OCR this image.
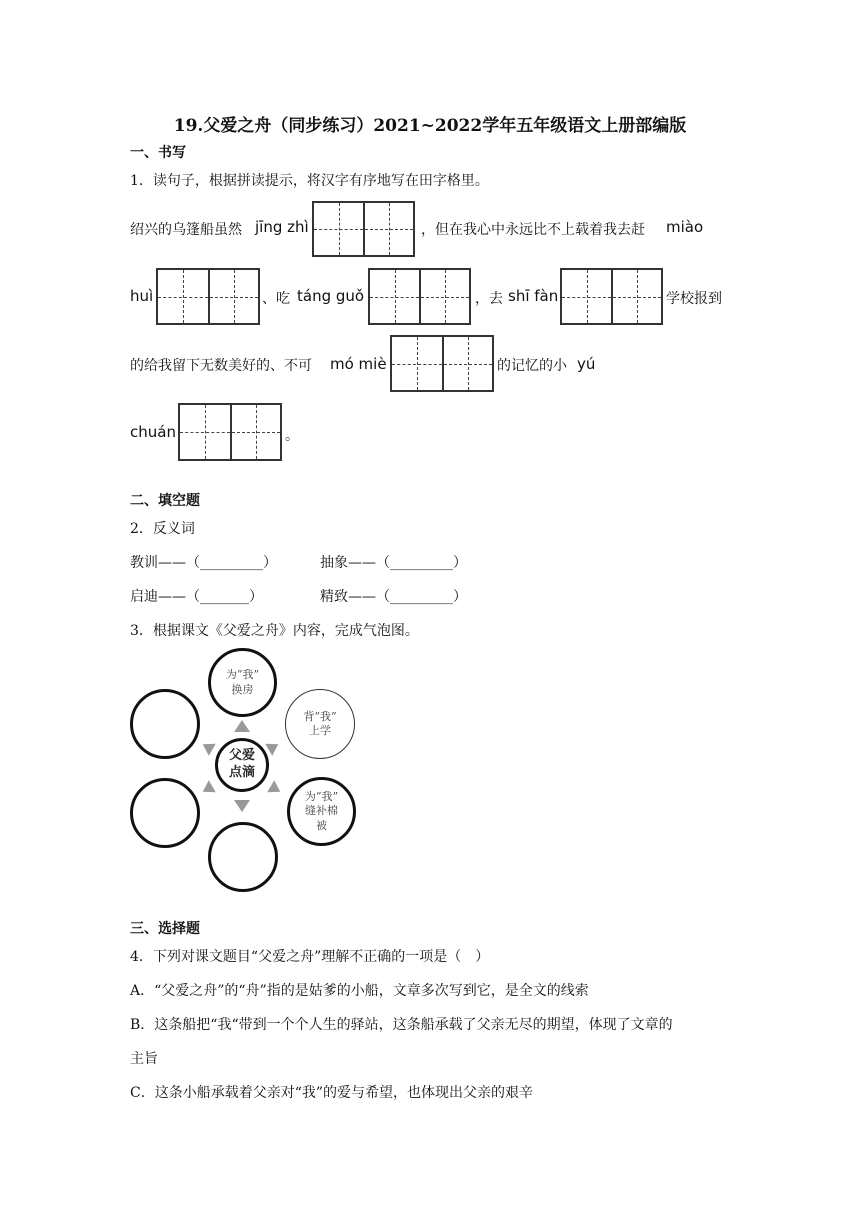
19.父爱之舟（同步练习）2021~2022学年五年级语文上册部编版
一、书写
1．读句子，根据拼读提示，将汉字有序地写在田字格里。
绍兴的乌篷船虽然 jīng zhì	，但在我心中永远比不上载着我去赶 miào
huì	、吃 táng guǒ	，去 shī fàn	学校报到
的给我留下无数美好的、不可 mó miè	的记忆的小 yú
chuán	。
二、填空题
2．反义词
教训——（_________）	抽象——（_________）
启迪——（_______）	精致——（_________）
3．根据课文《父爱之舟》内容，完成气泡图。
为“我”
换房
背“我”
上学
为“我”
缝补棉
被
父爱
点滴
三、选择题
4．下列对课文题目“父爱之舟”理解不正确的一项是（　）
A．“父爱之舟”的“舟”指的是姑爹的小船，文章多次写到它，是全文的线索
B．这条船把“我“带到一个个人生的驿站，这条船承载了父亲无尽的期望，体现了文章的
主旨
C．这条小船承载着父亲对“我”的爱与希望，也体现出父亲的艰辛
